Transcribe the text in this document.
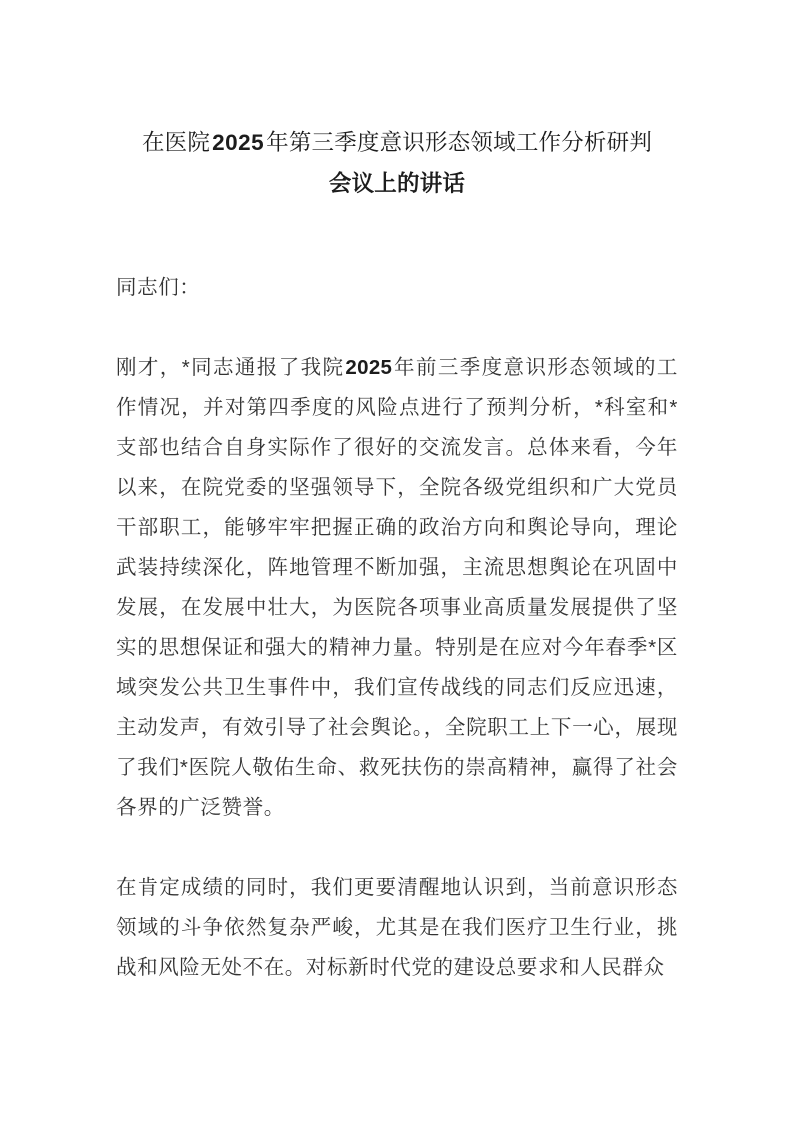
在医院2025年第三季度意识形态领域工作分析研判
会议上的讲话

同志们：

刚才，*同志通报了我院2025年前三季度意识形态领域的工作情况，并对第四季度的风险点进行了预判分析，*科室和*支部也结合自身实际作了很好的交流发言。总体来看，今年以来，在院党委的坚强领导下，全院各级党组织和广大党员干部职工，能够牢牢把握正确的政治方向和舆论导向，理论武装持续深化，阵地管理不断加强，主流思想舆论在巩固中发展，在发展中壮大，为医院各项事业高质量发展提供了坚实的思想保证和强大的精神力量。特别是在应对今年春季*区域突发公共卫生事件中，我们宣传战线的同志们反应迅速，主动发声，有效引导了社会舆论。，全院职工上下一心，展现了我们*医院人敬佑生命、救死扶伤的崇高精神，赢得了社会各界的广泛赞誉。

在肯定成绩的同时，我们更要清醒地认识到，当前意识形态领域的斗争依然复杂严峻，尤其是在我们医疗卫生行业，挑战和风险无处不在。对标新时代党的建设总要求和人民群众
